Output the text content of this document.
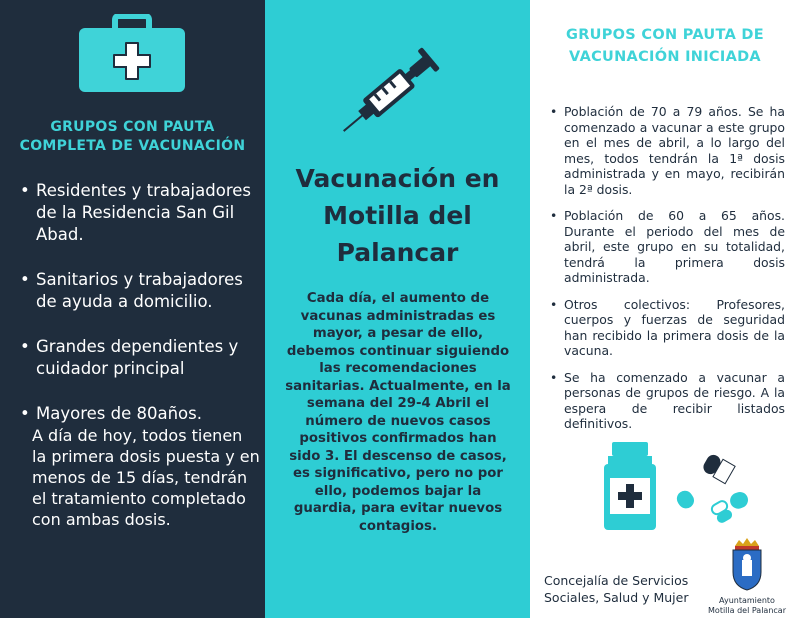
GRUPOS CON PAUTA
COMPLETA DE VACUNACIÓN
• Residentes y trabajadores de la Residencia San Gil Abad.
• Sanitarios y trabajadores de ayuda a domicilio.
• Grandes dependientes y cuidador principal
• Mayores de 80años.
A día de hoy, todos tienen la primera dosis puesta y en menos de 15 días, tendrán el tratamiento completado con ambas dosis.
Vacunación en
Motilla del
Palancar
Cada día, el aumento de vacunas administradas es mayor, a pesar de ello, debemos continuar siguiendo las recomendaciones sanitarias. Actualmente, en la semana del 29-4 Abril el número de nuevos casos positivos confirmados han sido 3. El descenso de casos, es significativo, pero no por ello, podemos bajar la guardia, para evitar nuevos contagios.
GRUPOS CON PAUTA DE
VACUNACIÓN INICIADA
• Población de 70 a 79 años. Se ha comenzado a vacunar a este grupo en el mes de abril, a lo largo del mes, todos tendrán la 1ª dosis administrada y en mayo, recibirán la 2ª dosis.
• Población de 60 a 65 años. Durante el periodo del mes de abril, este grupo en su totalidad, tendrá la primera dosis administrada.
• Otros colectivos: Profesores, cuerpos y fuerzas de seguridad han recibido la primera dosis de la vacuna.
• Se ha comenzado a vacunar a personas de grupos de riesgo. A la espera de recibir listados definitivos.
Concejalía de Servicios
Sociales, Salud y Mujer	Ayuntamiento
Motilla del Palancar
